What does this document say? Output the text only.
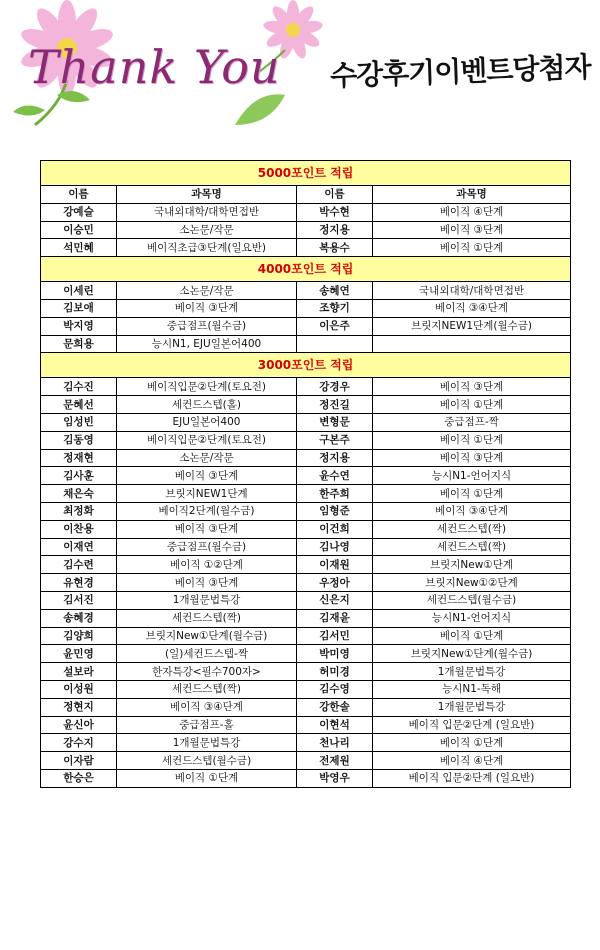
Thank You 수강후기이벤트당첨자
5000포인트 적립			
이름	과목명	이름	과목명
강예슬	국내외대학/대학면접반	박수현	베이직 ④단계
이승민	소논문/작문	정지용	베이직 ③단계
석민혜	베이직초급③단계(일요반)	복용수	베이직 ①단계
4000포인트 적립			
이세린	소논문/작문	송혜연	국내외대학/대학면접반
김보애	베이직 ③단계	조향기	베이직 ③④단계
박지영	중급점프(월수금)	이은주	브릿지NEW1단계(월수금)
문희용	능시N1, EJU일본어400		
3000포인트 적립			
김수진	베이직입문②단계(토요전)	강경우	베이직 ③단계
문혜선	세컨드스텝(홀)	정진길	베이직 ①단계
임성빈	EJU일본어400	변형문	중급점프-짝
김동영	베이직입문②단계(토요전)	구본주	베이직 ①단계
정재현	소논문/작문	정지용	베이직 ③단계
김사훈	베이직 ③단계	윤수연	능시N1-언어지식
채은숙	브릿지NEW1단계	한주희	베이직 ①단계
최정화	베이직2단계(월수금)	임형준	베이직 ③④단계
이찬용	베이직 ③단계	이건희	세컨드스텝(짝)
이재연	중급점프(월수금)	김나영	세컨드스텝(짝)
김수련	베이직 ①②단계	이재원	브릿지New①단계
유현경	베이직 ③단계	우정아	브릿지New①②단계
김서진	1개월문법특강	신은지	세컨드스텝(월수금)
송혜경	세컨드스텝(짝)	김재윤	능시N1-언어지식
김양희	브릿지New①단계(월수금)	김서민	베이직 ①단계
윤민영	(일)세컨드스텝-짝	박미영	브릿지New①단계(월수금)
설보라	한자특강<필수700자>	허미경	1개월문법특강
이성원	세컨드스텝(짝)	김수영	능시N1-독해
정현지	베이직 ③④단계	강한솔	1개월문법특강
윤신아	중급점프-홀	이현석	베이직 입문②단계 (일요반)
강수지	1개월문법특강	천나리	베이직 ①단계
이자람	세컨드스텝(월수금)	전제원	베이직 ④단계
한승은	베이직 ①단계	박영우	베이직 입문②단계 (일요반)
